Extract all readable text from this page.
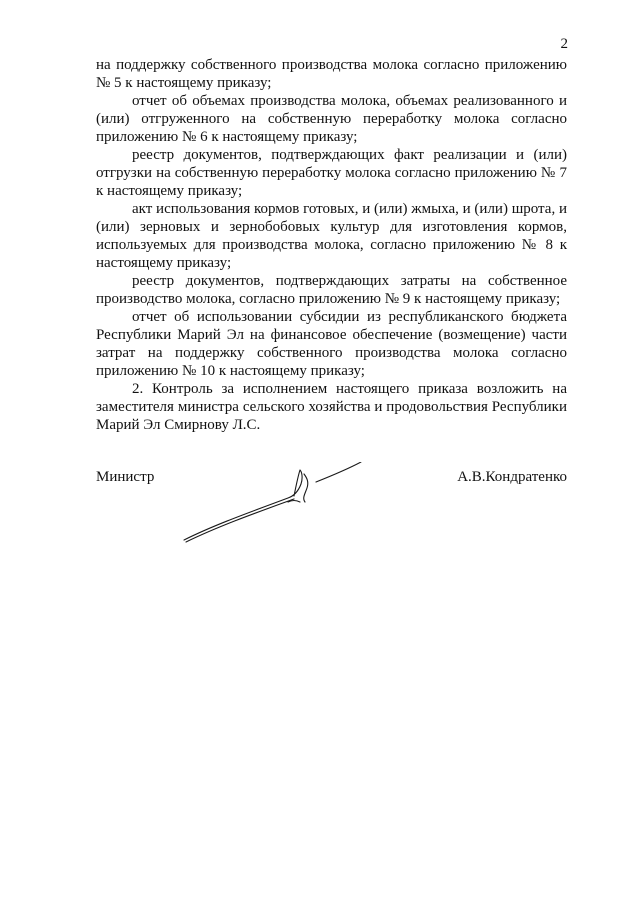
2

на поддержку собственного производства молока согласно приложению № 5 к настоящему приказу;

отчет об объемах производства молока, объемах реализованного и (или) отгруженного на собственную переработку молока согласно приложению № 6 к настоящему приказу;

реестр документов, подтверждающих факт реализации и (или) отгрузки на собственную переработку молока согласно приложению № 7 к настоящему приказу;

акт использования кормов готовых, и (или) жмыха, и (или) шрота, и (или) зерновых и зернобобовых культур для изготовления кормов, используемых для производства молока, согласно приложению № 8 к настоящему приказу;

реестр документов, подтверждающих затраты на собственное производство молока, согласно приложению № 9 к настоящему приказу;

отчет об использовании субсидии из республиканского бюджета Республики Марий Эл на финансовое обеспечение (возмещение) части затрат на поддержку собственного производства молока согласно приложению № 10 к настоящему приказу;

2. Контроль за исполнением настоящего приказа возложить на заместителя министра сельского хозяйства и продовольствия Республики Марий Эл Смирнову Л.С.

Министр	А.В.Кондратенко
